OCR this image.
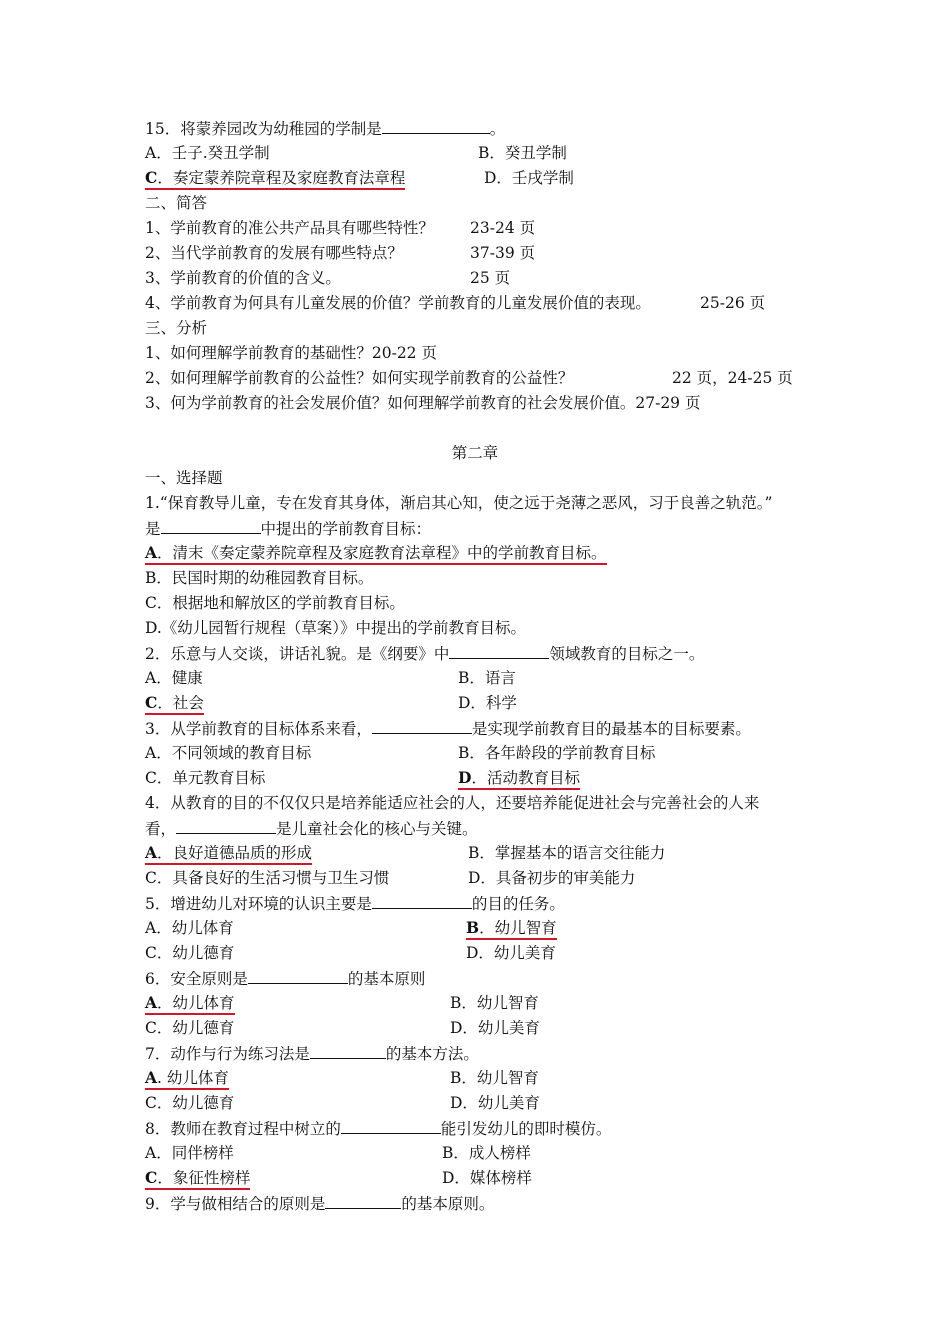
15．将蒙养园改为幼稚园的学制是	。
A．壬子.癸丑学制	B．癸丑学制
C．奏定蒙养院章程及家庭教育法章程	D．壬戌学制
二、简答
1、学前教育的准公共产品具有哪些特性？ 23-24 页
2、当代学前教育的发展有哪些特点？	37-39 页
3、学前教育的价值的含义。	25 页
4、学前教育为何具有儿童发展的价值？学前教育的儿童发展价值的表现。	25-26 页
三、分析
1、如何理解学前教育的基础性？20-22 页
2、如何理解学前教育的公益性？如何实现学前教育的公益性？	22 页，24-25 页
3、何为学前教育的社会发展价值？如何理解学前教育的社会发展价值。27-29 页
第二章
一、选择题
1.“保育教导儿童，专在发育其身体，渐启其心知，使之远于尧薄之恶风，习于良善之轨范。”
是	中提出的学前教育目标：
A．清末《奏定蒙养院章程及家庭教育法章程》中的学前教育目标。
B．民国时期的幼稚园教育目标。
C．根据地和解放区的学前教育目标。
D.《幼儿园暂行规程（草案）》中提出的学前教育目标。
2．乐意与人交谈，讲话礼貌。是《纲要》中	领域教育的目标之一。
A．健康	B．语言
C．社会	D．科学
3．从学前教育的目标体系来看，	是实现学前教育目的最基本的目标要素。
A．不同领域的教育目标	B．各年龄段的学前教育目标
C．单元教育目标	D．活动教育目标
4．从教育的目的不仅仅只是培养能适应社会的人，还要培养能促进社会与完善社会的人来
看，	是儿童社会化的核心与关键。
A．良好道德品质的形成	B．掌握基本的语言交往能力
C．具备良好的生活习惯与卫生习惯	D．具备初步的审美能力
5．增进幼儿对环境的认识主要是	的目的任务。
A．幼儿体育	B．幼儿智育
C．幼儿德育	D．幼儿美育
6．安全原则是	的基本原则
A．幼儿体育	B．幼儿智育
C．幼儿德育	D．幼儿美育
7．动作与行为练习法是	的基本方法。
A. 幼儿体育	B．幼儿智育
C．幼儿德育	D．幼儿美育
8．教师在教育过程中树立的	能引发幼儿的即时模仿。
A．同伴榜样	B．成人榜样
C．象征性榜样	D．媒体榜样
9．学与做相结合的原则是	的基本原则。
